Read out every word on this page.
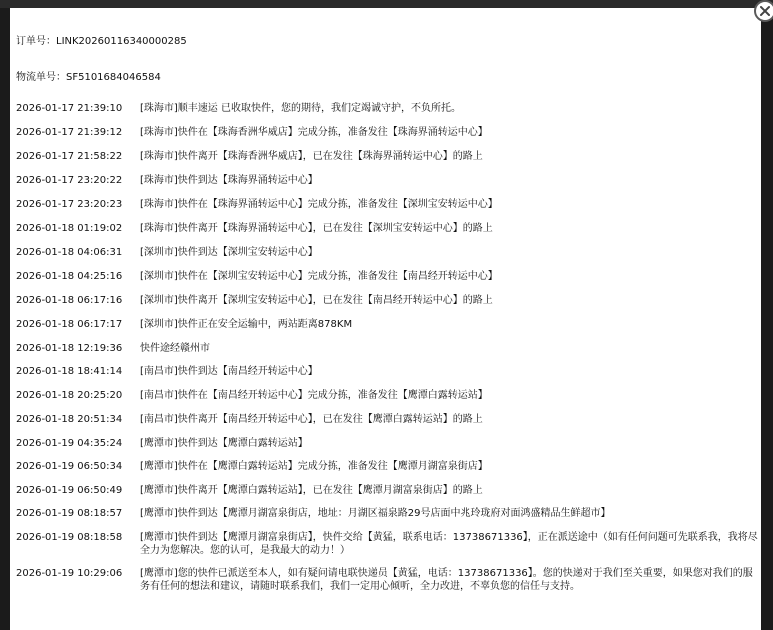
订单号：LINK20260116340000285
物流单号：SF5101684046584
2026-01-17 21:39:10 [珠海市]顺丰速运 已收取快件，您的期待，我们定竭诚守护，不负所托。
2026-01-17 21:39:12 [珠海市]快件在【珠海香洲华威店】完成分拣，准备发往【珠海界涌转运中心】
2026-01-17 21:58:22 [珠海市]快件离开【珠海香洲华威店】，已在发往【珠海界涌转运中心】的路上
2026-01-17 23:20:22 [珠海市]快件到达【珠海界涌转运中心】
2026-01-17 23:20:23 [珠海市]快件在【珠海界涌转运中心】完成分拣，准备发往【深圳宝安转运中心】
2026-01-18 01:19:02 [珠海市]快件离开【珠海界涌转运中心】，已在发往【深圳宝安转运中心】的路上
2026-01-18 04:06:31 [深圳市]快件到达【深圳宝安转运中心】
2026-01-18 04:25:16 [深圳市]快件在【深圳宝安转运中心】完成分拣，准备发往【南昌经开转运中心】
2026-01-18 06:17:16 [深圳市]快件离开【深圳宝安转运中心】，已在发往【南昌经开转运中心】的路上
2026-01-18 06:17:17 [深圳市]快件正在安全运输中，两站距离878KM
2026-01-18 12:19:36 快件途经赣州市
2026-01-18 18:41:14 [南昌市]快件到达【南昌经开转运中心】
2026-01-18 20:25:20 [南昌市]快件在【南昌经开转运中心】完成分拣，准备发往【鹰潭白露转运站】
2026-01-18 20:51:34 [南昌市]快件离开【南昌经开转运中心】，已在发往【鹰潭白露转运站】的路上
2026-01-19 04:35:24 [鹰潭市]快件到达【鹰潭白露转运站】
2026-01-19 06:50:34 [鹰潭市]快件在【鹰潭白露转运站】完成分拣，准备发往【鹰潭月湖富泉街店】
2026-01-19 06:50:49 [鹰潭市]快件离开【鹰潭白露转运站】，已在发往【鹰潭月湖富泉街店】的路上
2026-01-19 08:18:57 [鹰潭市]快件到达【鹰潭月湖富泉街店，地址：月湖区福泉路29号店面中兆玲珑府对面鸿盛精品生鲜超市】
2026-01-19 08:18:58 [鹰潭市]快件到达【鹰潭月湖富泉街店】，快件交给【黄猛，联系电话：13738671336】，正在派送途中（如有任何问题可先联系我，我将尽全力为您解决。您的认可，是我最大的动力！）
2026-01-19 10:29:06 [鹰潭市]您的快件已派送至本人，如有疑问请电联快递员【黄猛，电话：13738671336】。您的快递对于我们至关重要，如果您对我们的服务有任何的想法和建议，请随时联系我们，我们一定用心倾听，全力改进，不辜负您的信任与支持。
